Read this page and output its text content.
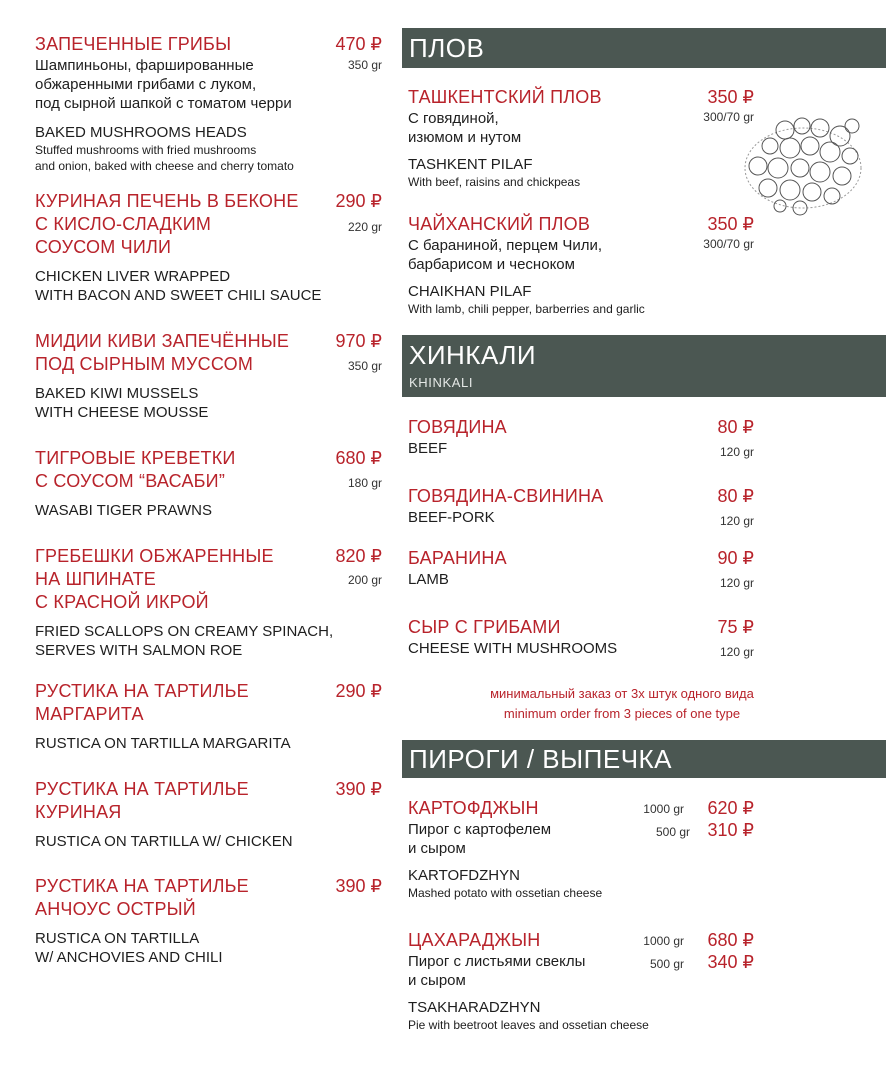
ЗАПЕЧЕННЫЕ ГРИБЫ	470 ₽
350 gr
Шампиньоны, фаршированные
обжаренными грибами с луком,
под сырной шапкой с томатом черри
BAKED MUSHROOMS HEADS
Stuffed mushrooms with fried mushrooms
and onion, baked with cheese and cherry tomato
КУРИНАЯ ПЕЧЕНЬ В БЕКОНЕ
С КИСЛО-СЛАДКИМ
СОУСОМ ЧИЛИ
290 ₽
220 gr
CHICKEN LIVER WRAPPED
WITH BACON AND SWEET CHILI SAUCE
МИДИИ КИВИ ЗАПЕЧЁННЫЕ
ПОД СЫРНЫМ МУССОМ
970 ₽
350 gr
BAKED KIWI MUSSELS
WITH CHEESE MOUSSE
ТИГРОВЫЕ КРЕВЕТКИ
С СОУСОМ “ВАСАБИ”
680 ₽
180 gr
WASABI TIGER PRAWNS
ГРЕБЕШКИ ОБЖАРЕННЫЕ
НА ШПИНАТЕ
С КРАСНОЙ ИКРОЙ
820 ₽
200 gr
FRIED SCALLOPS ON CREAMY SPINACH,
SERVES WITH SALMON ROE
РУСТИКА НА ТАРТИЛЬЕ
МАРГАРИТА
290 ₽
RUSTICA ON TARTILLA MARGARITA
РУСТИКА НА ТАРТИЛЬЕ
КУРИНАЯ
390 ₽
RUSTICA ON TARTILLA W/ CHICKEN
РУСТИКА НА ТАРТИЛЬЕ
АНЧОУС ОСТРЫЙ
390 ₽
RUSTICA ON TARTILLA
W/ ANCHOVIES AND CHILI
ПЛОВ
ТАШКЕНТСКИЙ ПЛОВ	350 ₽
300/70 gr
С говядиной,
изюмом и нутом
TASHKENT PILAF
With beef, raisins and chickpeas
ЧАЙХАНСКИЙ ПЛОВ	350 ₽
300/70 gr
С бараниной, перцем Чили,
барбарисом и чесноком
CHAIKHAN PILAF
With lamb, chili pepper, barberries and garlic
ХИНКАЛИ
KHINKALI
ГОВЯДИНА	80 ₽
120 gr
BEEF
ГОВЯДИНА-СВИНИНА	80 ₽
120 gr
BEEF-PORK
БАРАНИНА	90 ₽
120 gr
LAMB
СЫР С ГРИБАМИ	75 ₽
120 gr
CHEESE WITH MUSHROOMS
минимальный заказ от 3х штук одного вида
minimum order from 3 pieces of one type
ПИРОГИ / ВЫПЕЧКА
КАРТОФДЖЫН	1000 gr 620 ₽
500 gr 310 ₽
Пирог с картофелем
и сыром
KARTOFDZHYN
Mashed potato with ossetian cheese
ЦАХАРАДЖЫН	1000 gr 680 ₽
500 gr 340 ₽
Пирог с листьями свеклы
и сыром
TSAKHARADZHYN
Pie with beetroot leaves and ossetian cheese
